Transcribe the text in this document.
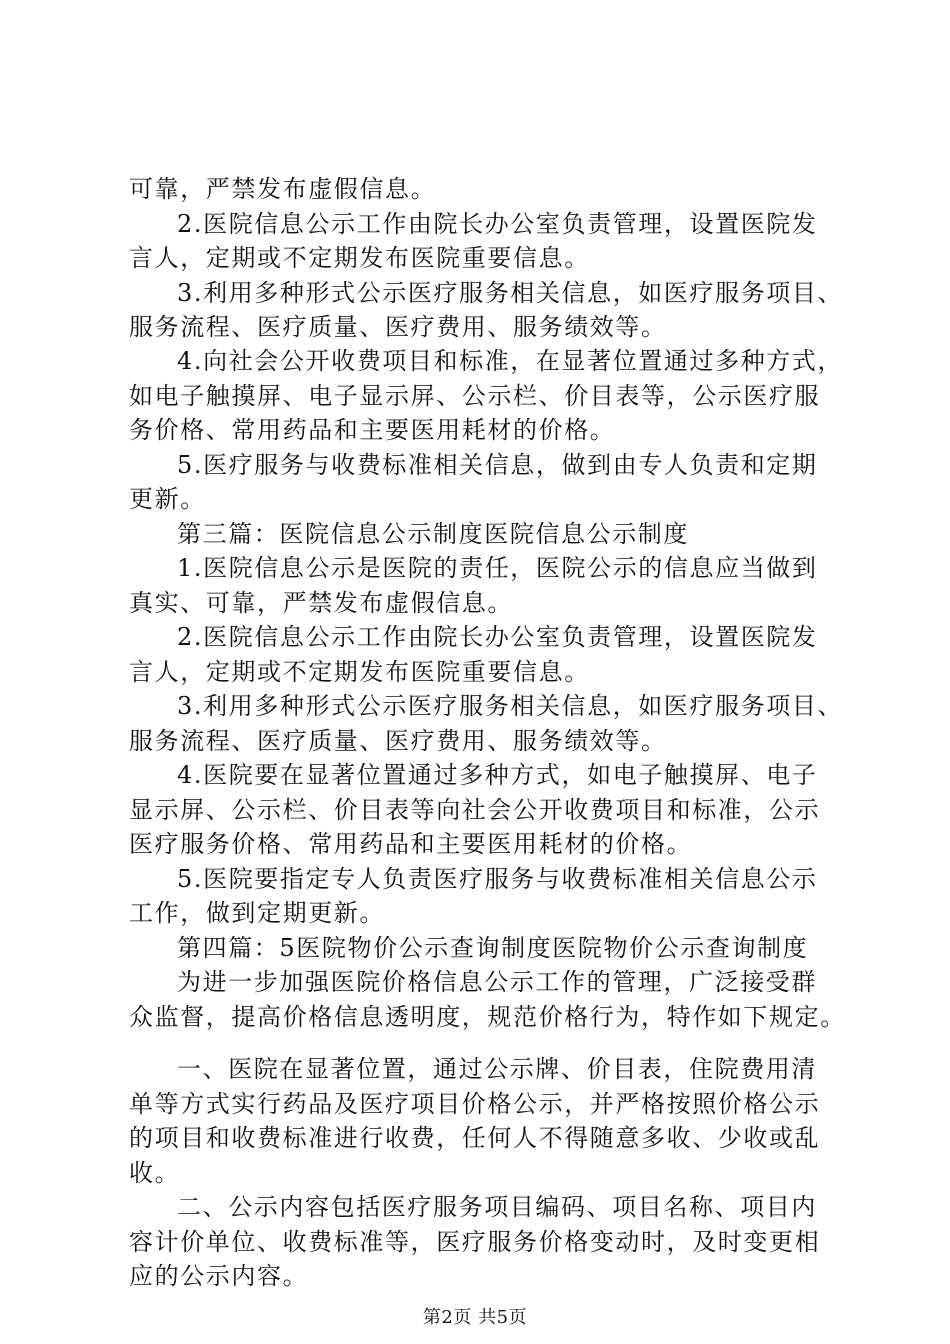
可靠，严禁发布虚假信息。
2.医院信息公示工作由院长办公室负责管理，设置医院发
言人，定期或不定期发布医院重要信息。
3.利用多种形式公示医疗服务相关信息，如医疗服务项目、
服务流程、医疗质量、医疗费用、服务绩效等。
4.向社会公开收费项目和标准，在显著位置通过多种方式，
如电子触摸屏、电子显示屏、公示栏、价目表等，公示医疗服
务价格、常用药品和主要医用耗材的价格。
5.医疗服务与收费标准相关信息，做到由专人负责和定期
更新。
第三篇：医院信息公示制度医院信息公示制度
1.医院信息公示是医院的责任，医院公示的信息应当做到
真实、可靠，严禁发布虚假信息。
2.医院信息公示工作由院长办公室负责管理，设置医院发
言人，定期或不定期发布医院重要信息。
3.利用多种形式公示医疗服务相关信息，如医疗服务项目、
服务流程、医疗质量、医疗费用、服务绩效等。
4.医院要在显著位置通过多种方式，如电子触摸屏、电子
显示屏、公示栏、价目表等向社会公开收费项目和标准，公示
医疗服务价格、常用药品和主要医用耗材的价格。
5.医院要指定专人负责医疗服务与收费标准相关信息公示
工作，做到定期更新。
第四篇：5医院物价公示查询制度医院物价公示查询制度
为进一步加强医院价格信息公示工作的管理，广泛接受群
众监督，提高价格信息透明度，规范价格行为，特作如下规定。
一、医院在显著位置，通过公示牌、价目表，住院费用清
单等方式实行药品及医疗项目价格公示，并严格按照价格公示
的项目和收费标准进行收费，任何人不得随意多收、少收或乱
收。
二、公示内容包括医疗服务项目编码、项目名称、项目内
容计价单位、收费标准等，医疗服务价格变动时，及时变更相
应的公示内容。
第2页 共5页
